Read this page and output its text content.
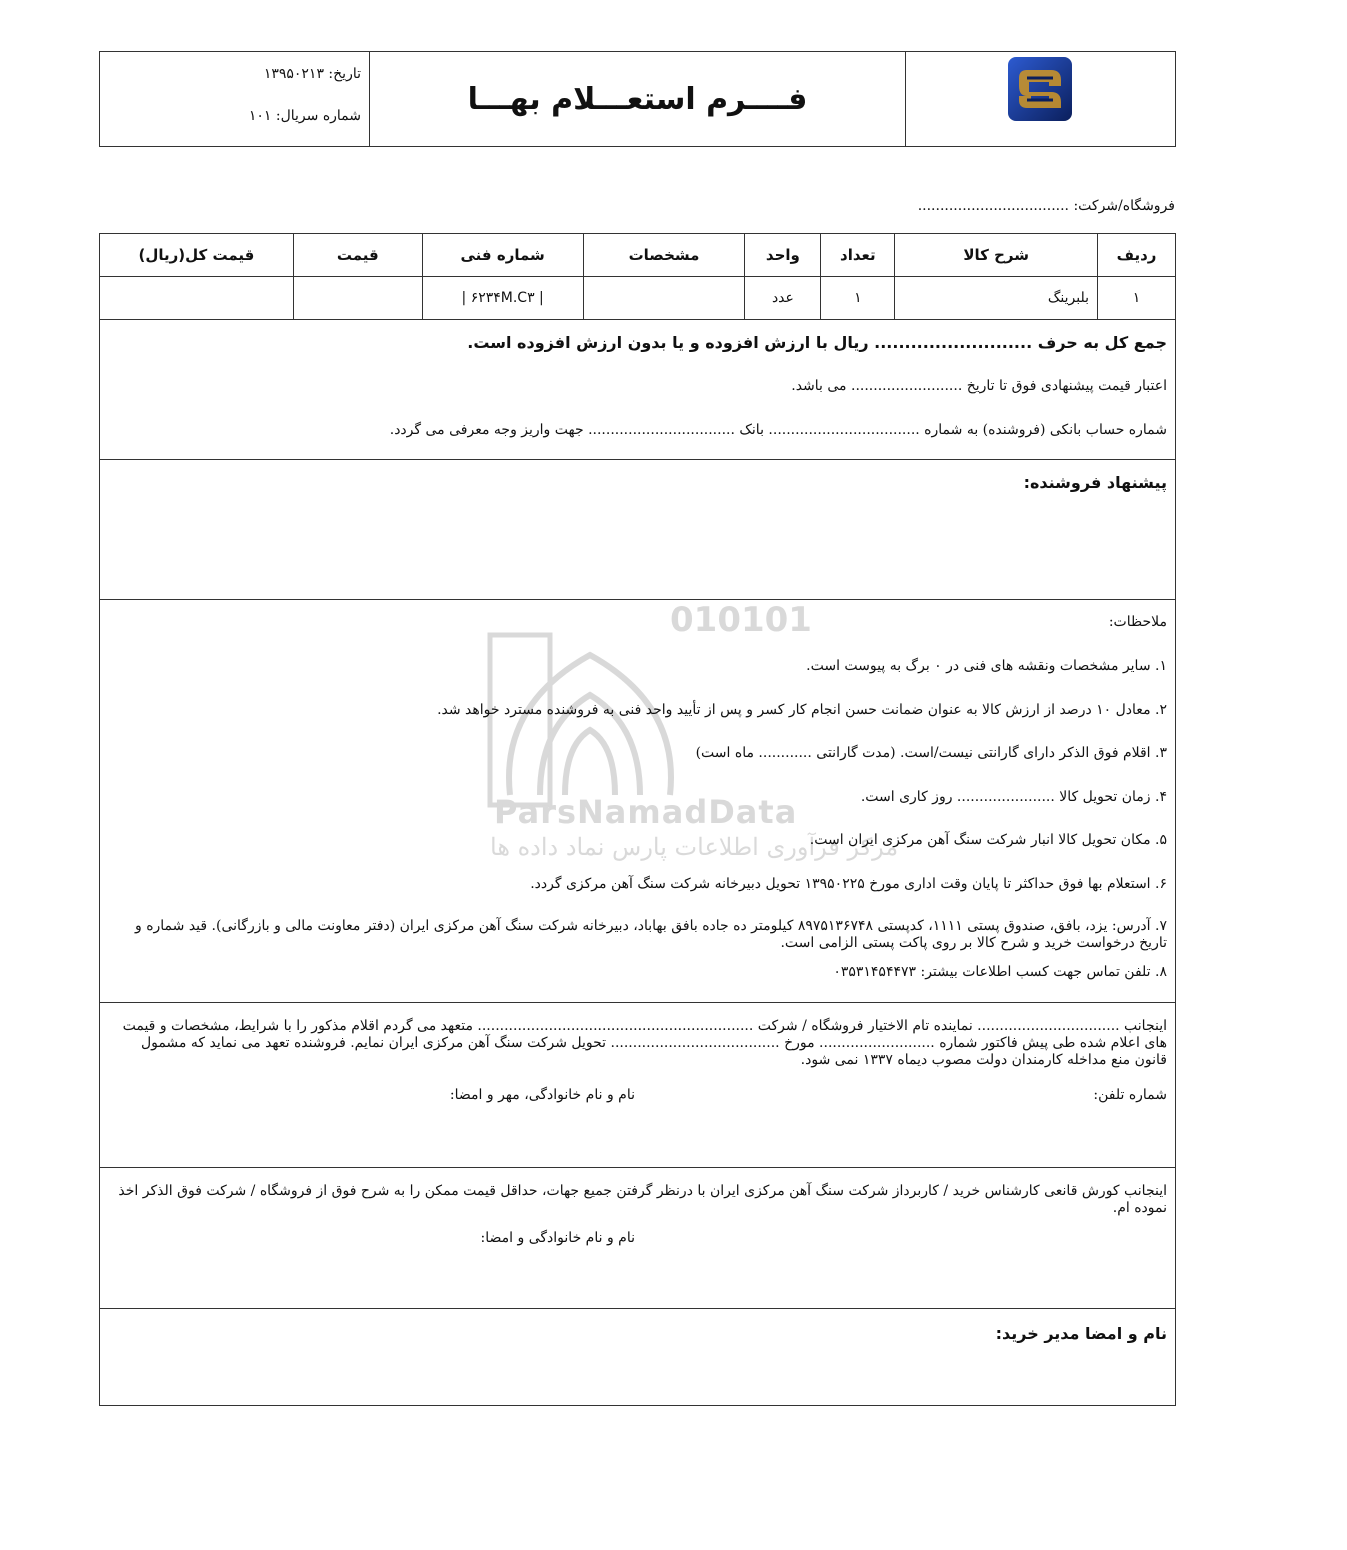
فــــرم استعـــلام بهـــا
تاریخ: ۱۳۹۵۰۲۱۳
شماره سریال: ۱۰۱
فروشگاه/شرکت: ..................................
ردیف	شرح کالا	تعداد	واحد	مشخصات	شماره فنی	قیمت	قیمت کل(ریال)
۱	بلبرینگ	۱	عدد		| ۶۲۳۴M.C۳ |		
جمع کل به حرف .......................... ریال با ارزش افزوده و یا بدون ارزش افزوده است.
اعتبار قیمت پیشنهادی فوق تا تاریخ ......................... می باشد.
شماره حساب بانکی (فروشنده) به شماره .................................. بانک ................................. جهت واریز وجه معرفی می گردد.
پیشنهاد فروشنده:
010101
ParsNamadData
مرکز فرآوری اطلاعات پارس نماد داده ها
ملاحظات:
۱. سایر مشخصات ونقشه های فنی در ۰ برگ به پیوست است.
۲. معادل ۱۰ درصد از ارزش کالا به عنوان ضمانت حسن انجام کار کسر و پس از تأیید واحد فنی به فروشنده مسترد خواهد شد.
۳. اقلام فوق الذکر دارای گارانتی نیست/است. (مدت گارانتی ............ ماه است)
۴. زمان تحویل کالا ...................... روز کاری است.
۵. مکان تحویل کالا انبار شرکت سنگ آهن مرکزی ایران است.
۶. استعلام بها فوق حداکثر تا پایان وقت اداری مورخ ۱۳۹۵۰۲۲۵ تحویل دبیرخانه شرکت سنگ آهن مرکزی گردد.
۷. آدرس: یزد، بافق، صندوق پستی ۱۱۱۱، کدپستی ۸۹۷۵۱۳۶۷۴۸ کیلومتر ده جاده بافق بهاباد، دبیرخانه شرکت سنگ آهن مرکزی ایران (دفتر معاونت مالی و بازرگانی). قید شماره و تاریخ درخواست خرید و شرح کالا بر روی پاکت پستی الزامی است.
۸. تلفن تماس جهت کسب اطلاعات بیشتر: ۰۳۵۳۱۴۵۴۴۷۳
اینجانب ................................ نماینده تام الاختیار فروشگاه / شرکت .............................................................. متعهد می گردم اقلام مذکور را با شرایط، مشخصات و قیمت های اعلام شده طی پیش فاکتور شماره .......................... مورخ ...................................... تحویل شرکت سنگ آهن مرکزی ایران نمایم. فروشنده تعهد می نماید که مشمول قانون منع مداخله کارمندان دولت مصوب دیماه ۱۳۳۷ نمی شود.
شماره تلفن:
نام و نام خانوادگی، مهر و امضا:
اینجانب کورش قانعی کارشناس خرید / کاربرداز شرکت سنگ آهن مرکزی ایران با درنظر گرفتن جمیع جهات، حداقل قیمت ممکن را به شرح فوق از فروشگاه / شرکت فوق الذکر اخذ نموده ام.
نام و نام خانوادگی و امضا:
نام و امضا مدیر خرید:
